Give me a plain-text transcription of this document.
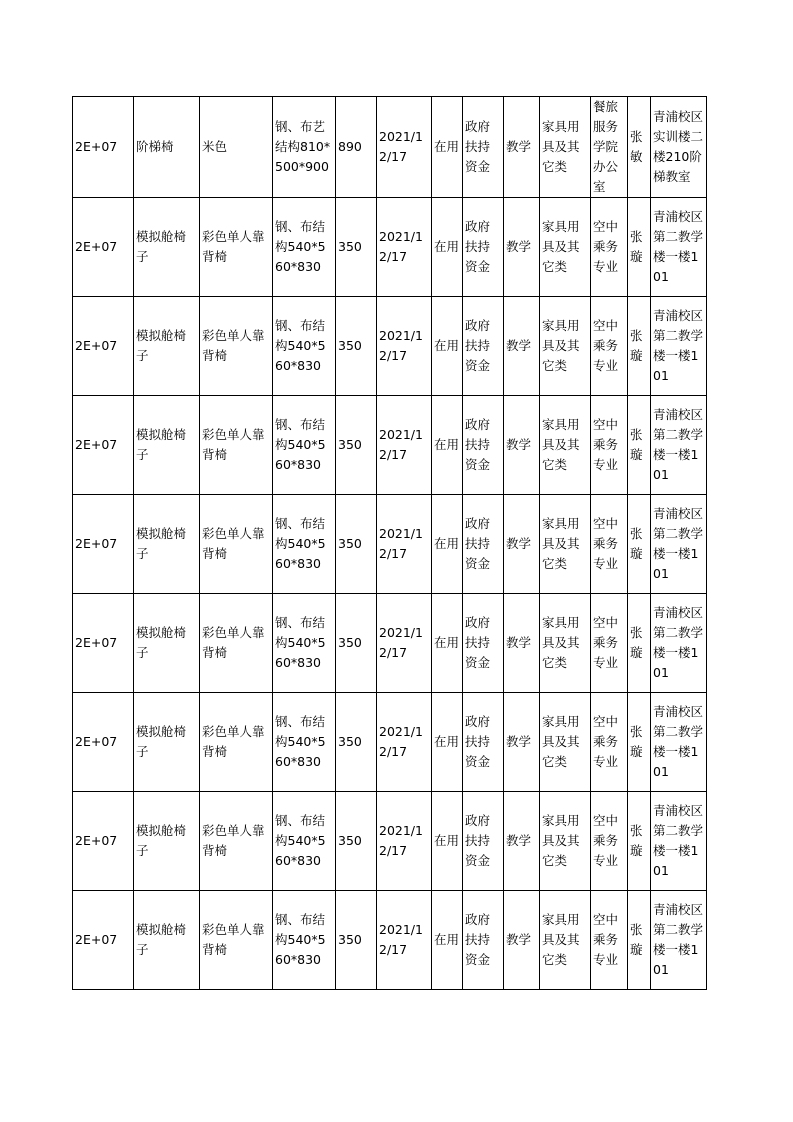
2E+07	阶梯椅	米色	钢、布艺结构810*500*900	890	2021/12/17	在用	政府扶持资金	教学	家具用具及其它类	餐旅服务学院办公室	张敏	青浦校区实训楼二楼210阶梯教室
2E+07	模拟舱椅子	彩色单人靠背椅	钢、布结构540*560*830	350	2021/12/17	在用	政府扶持资金	教学	家具用具及其它类	空中乘务专业	张璇	青浦校区第二教学楼一楼101
2E+07	模拟舱椅子	彩色单人靠背椅	钢、布结构540*560*830	350	2021/12/17	在用	政府扶持资金	教学	家具用具及其它类	空中乘务专业	张璇	青浦校区第二教学楼一楼101
2E+07	模拟舱椅子	彩色单人靠背椅	钢、布结构540*560*830	350	2021/12/17	在用	政府扶持资金	教学	家具用具及其它类	空中乘务专业	张璇	青浦校区第二教学楼一楼101
2E+07	模拟舱椅子	彩色单人靠背椅	钢、布结构540*560*830	350	2021/12/17	在用	政府扶持资金	教学	家具用具及其它类	空中乘务专业	张璇	青浦校区第二教学楼一楼101
2E+07	模拟舱椅子	彩色单人靠背椅	钢、布结构540*560*830	350	2021/12/17	在用	政府扶持资金	教学	家具用具及其它类	空中乘务专业	张璇	青浦校区第二教学楼一楼101
2E+07	模拟舱椅子	彩色单人靠背椅	钢、布结构540*560*830	350	2021/12/17	在用	政府扶持资金	教学	家具用具及其它类	空中乘务专业	张璇	青浦校区第二教学楼一楼101
2E+07	模拟舱椅子	彩色单人靠背椅	钢、布结构540*560*830	350	2021/12/17	在用	政府扶持资金	教学	家具用具及其它类	空中乘务专业	张璇	青浦校区第二教学楼一楼101
2E+07	模拟舱椅子	彩色单人靠背椅	钢、布结构540*560*830	350	2021/12/17	在用	政府扶持资金	教学	家具用具及其它类	空中乘务专业	张璇	青浦校区第二教学楼一楼101
